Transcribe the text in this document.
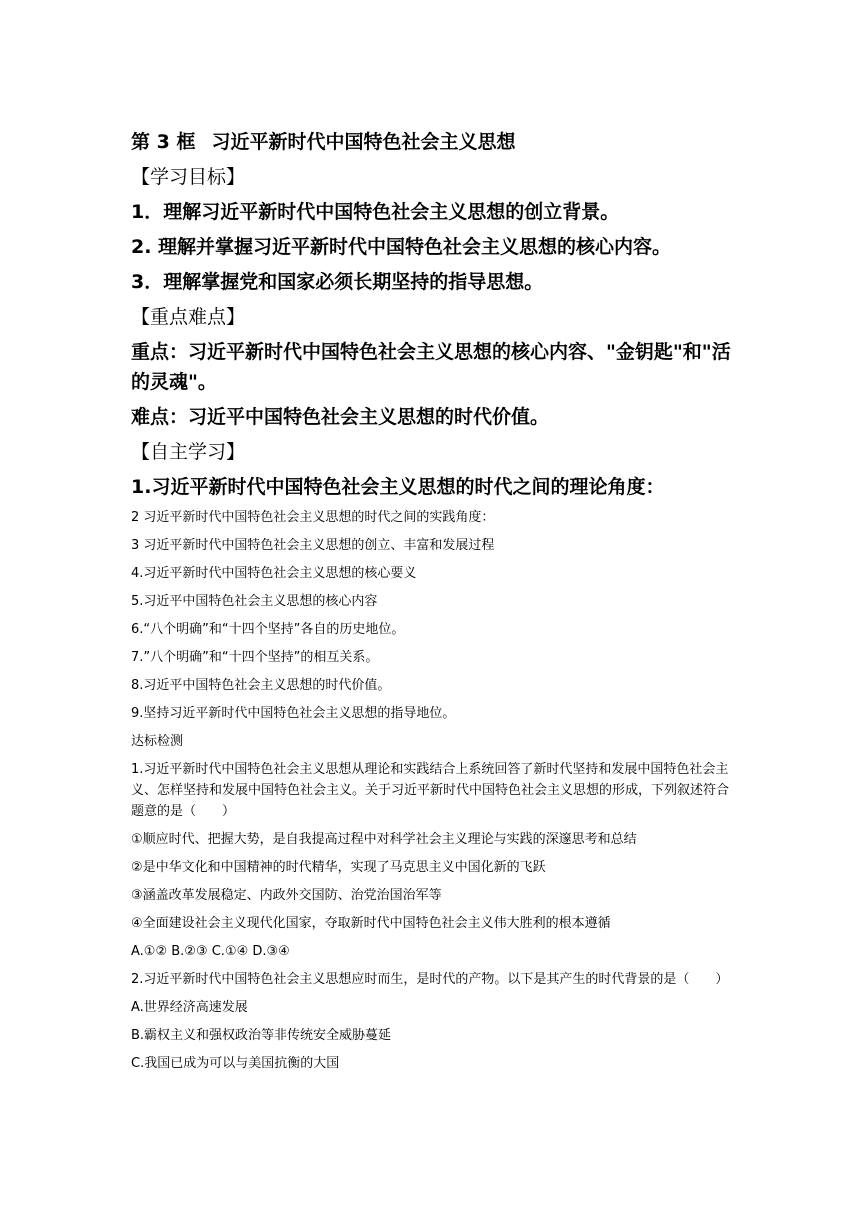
第 3 框 习近平新时代中国特色社会主义思想
【学习目标】
1．理解习近平新时代中国特色社会主义思想的创立背景。
2. 理解并掌握习近平新时代中国特色社会主义思想的核心内容。
3．理解掌握党和国家必须长期坚持的指导思想。
【重点难点】
重点：习近平新时代中国特色社会主义思想的核心内容、"金钥匙"和"活的灵魂"。
难点：习近平中国特色社会主义思想的时代价值。
【自主学习】
1.习近平新时代中国特色社会主义思想的时代之间的理论角度：
2 习近平新时代中国特色社会主义思想的时代之间的实践角度：
3 习近平新时代中国特色社会主义思想的创立、丰富和发展过程
4.习近平新时代中国特色社会主义思想的核心要义
5.习近平中国特色社会主义思想的核心内容
6.“八个明确”和“十四个坚持”各自的历史地位。
7.”八个明确”和“十四个坚持”的相互关系。
8.习近平中国特色社会主义思想的时代价值。
9.坚持习近平新时代中国特色社会主义思想的指导地位。
达标检测
1.习近平新时代中国特色社会主义思想从理论和实践结合上系统回答了新时代坚持和发展中国特色社会主义、怎样坚持和发展中国特色社会主义。关于习近平新时代中国特色社会主义思想的形成，下列叙述符合题意的是（　　）
①顺应时代、把握大势，是自我提高过程中对科学社会主义理论与实践的深邃思考和总结
②是中华文化和中国精神的时代精华，实现了马克思主义中国化新的飞跃
③涵盖改革发展稳定、内政外交国防、治党治国治军等
④全面建设社会主义现代化国家，夺取新时代中国特色社会主义伟大胜利的根本遵循
A.①② B.②③ C.①④ D.③④
2.习近平新时代中国特色社会主义思想应时而生，是时代的产物。以下是其产生的时代背景的是（　　）
A.世界经济高速发展
B.霸权主义和强权政治等非传统安全威胁蔓延
C.我国已成为可以与美国抗衡的大国
